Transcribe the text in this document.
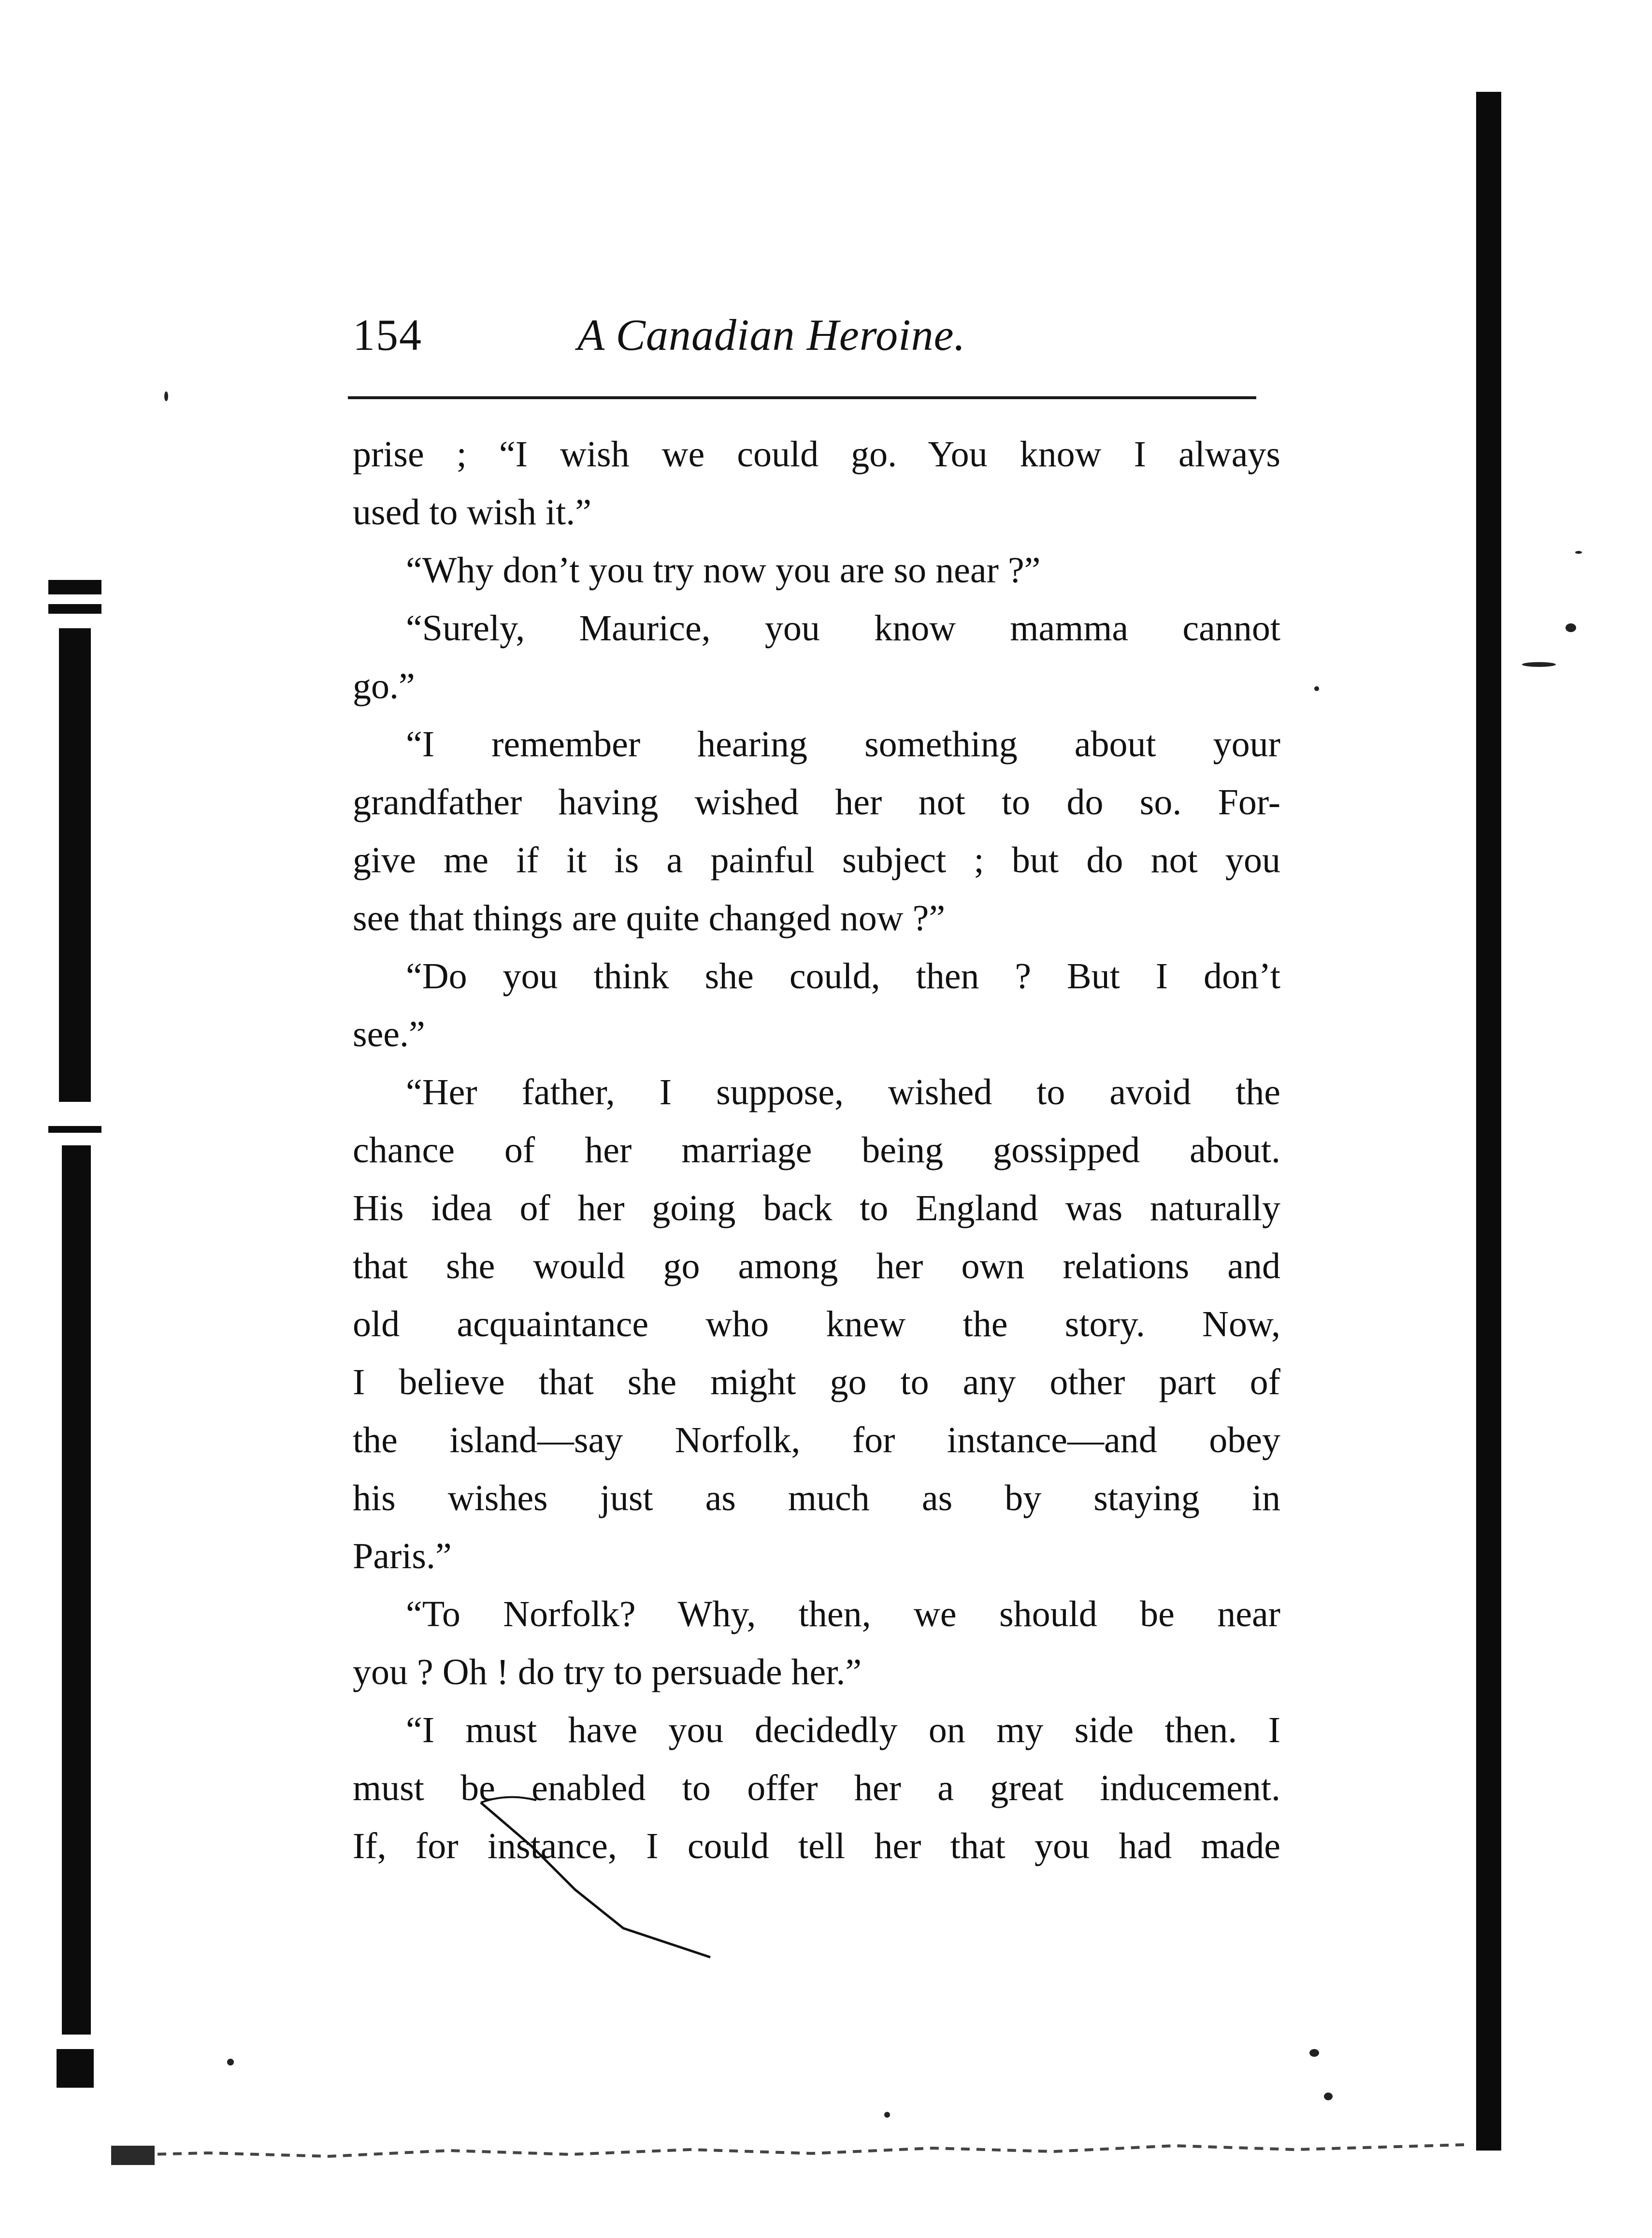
154	A Canadian Heroine.
prise ; “I wish we could go. You know I always
used to wish it.”
“Why don’t you try now you are so near ?”
“Surely, Maurice, you know mamma cannot
go.”
“I remember hearing something about your
grandfather having wished her not to do so. For-
give me if it is a painful subject ; but do not you
see that things are quite changed now ?”
“Do you think she could, then ? But I don’t
see.”
“Her father, I suppose, wished to avoid the
chance of her marriage being gossipped about.
His idea of her going back to England was naturally
that she would go among her own relations and
old acquaintance who knew the story. Now,
I believe that she might go to any other part of
the island—say Norfolk, for instance—and obey
his wishes just as much as by staying in
Paris.”
“To Norfolk? Why, then, we should be near
you ? Oh ! do try to persuade her.”
“I must have you decidedly on my side then. I
must be enabled to offer her a great inducement.
If, for instance, I could tell her that you had made
